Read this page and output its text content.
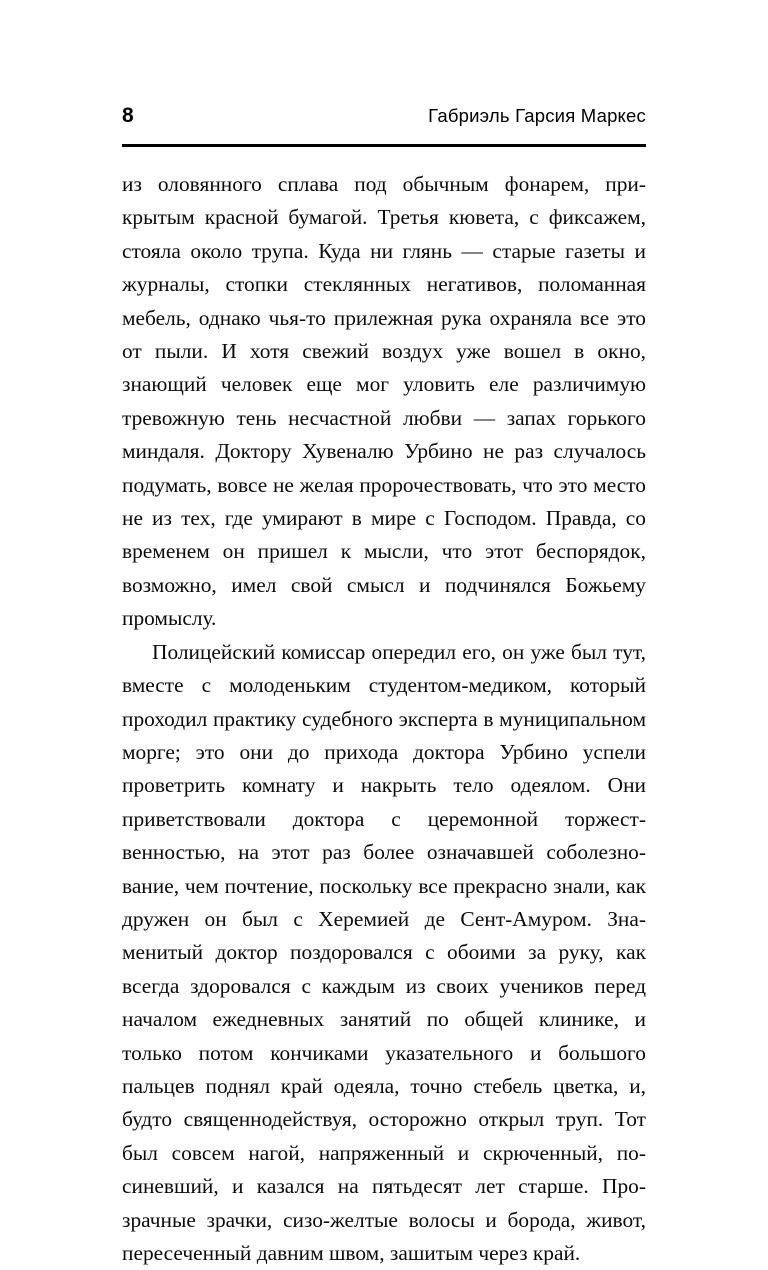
8	Габриэль Гарсия Маркес

из оловянного сплава под обычным фонарем, прикрытым красной бумагой. Третья кювета, с фиксажем, стояла около трупа. Куда ни глянь — старые газеты и журналы, стопки стеклянных негативов, поломанная мебель, однако чья-то прилежная рука охраняла все это от пыли. И хотя свежий воздух уже вошел в окно, знающий человек еще мог уловить еле различимую тревожную тень несчастной любви — запах горького миндаля. Доктору Хувеналю Урбино не раз случалось подумать, вовсе не желая пророчествовать, что это место не из тех, где умирают в мире с Господом. Правда, со временем он пришел к мысли, что этот беспорядок, возможно, имел свой смысл и подчинялся Божьему промыслу.

Полицейский комиссар опередил его, он уже был тут, вместе с молоденьким студентом-медиком, который проходил практику судебного эксперта в муниципальном морге; это они до прихода доктора Урбино успели проветрить комнату и накрыть тело одеялом. Они приветствовали доктора с церемонной торжественностью, на этот раз более означавшей соболезнование, чем почтение, поскольку все прекрасно знали, как дружен он был с Херемией де Сент-Амуром. Знаменитый доктор поздоровался с обоими за руку, как всегда здоровался с каждым из своих учеников перед началом ежедневных занятий по общей клинике, и только потом кончиками указательного и большого пальцев поднял край одеяла, точно стебель цветка, и, будто священнодействуя, осторожно открыл труп. Тот был совсем нагой, напряженный и скрюченный, посиневший, и казался на пятьдесят лет старше. Прозрачные зрачки, сизо-желтые волосы и борода, живот, пересеченный давним швом, зашитым через край.
